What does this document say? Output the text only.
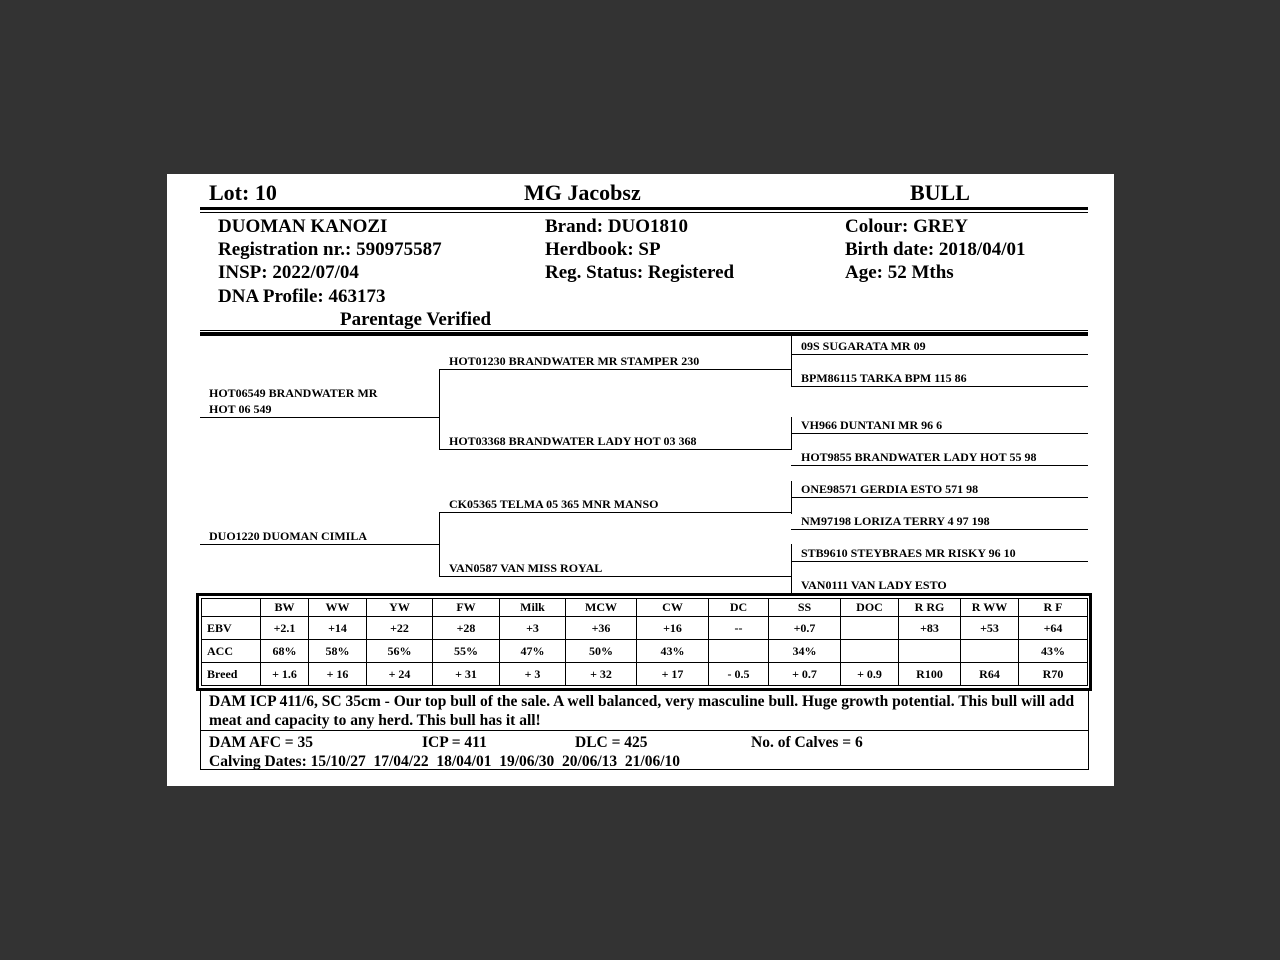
Lot: 10	MG Jacobsz	BULL
DUOMAN KANOZI
Registration nr.: 590975587
INSP: 2022/07/04
DNA Profile: 463173
Parentage Verified
Brand: DUO1810
Herdbook: SP
Reg. Status: Registered
Colour: GREY
Birth date: 2018/04/01
Age: 52 Mths
HOT06549 BRANDWATER MR
HOT 06 549
DUO1220 DUOMAN CIMILA
HOT01230 BRANDWATER MR STAMPER 230
HOT03368 BRANDWATER LADY HOT 03 368
CK05365 TELMA 05 365 MNR MANSO
VAN0587 VAN MISS ROYAL
09S SUGARATA MR 09
BPM86115 TARKA BPM 115 86
VH966 DUNTANI MR 96 6
HOT9855 BRANDWATER LADY HOT 55 98
ONE98571 GERDIA ESTO 571 98
NM97198 LORIZA TERRY 4 97 198
STB9610 STEYBRAES MR RISKY 96 10
VAN0111 VAN LADY ESTO
	BW	WW	YW	FW	Milk	MCW	CW	DC	SS	DOC	R RG	R WW	R F
EBV	+2.1	+14	+22	+28	+3	+36	+16	--	+0.7		+83	+53	+64
ACC	68%	58%	56%	55%	47%	50%	43%		34%				43%
Breed	+ 1.6	+ 16	+ 24	+ 31	+ 3	+ 32	+ 17	- 0.5	+ 0.7	+ 0.9	R100	R64	R70
DAM ICP 411/6, SC 35cm - Our top bull of the sale. A well balanced, very masculine bull. Huge growth potential. This bull will add meat and capacity to any herd. This bull has it all!
DAM AFC = 35	ICP = 411	DLC = 425	No. of Calves = 6
Calving Dates: 15/10/27  17/04/22  18/04/01  19/06/30  20/06/13  21/06/10
